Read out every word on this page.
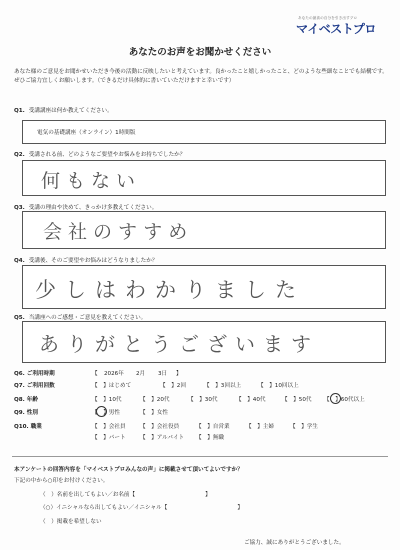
あなたの最高の自分を引き出すプロ
マイベストプロ
あなたのお声をお聞かせください
あなた様のご意見をお聞かせいただき今後の活動に反映したいと考えています。良かったこと嬉しかったこと、どのような些細なことでも結構です。ぜひご協力宜しくお願いします。（できるだけ具体的に書いていただけますと幸いです）
Q1. 受講講座は何か教えてください。
電気の基礎講座（オンライン）1時間版
Q2. 受講される前、どのようなご要望やお悩みをお持ちでしたか？
何もない
Q3. 受講の理由や決めて、きっかけ多教えてください。
会社のすすめ
Q4. 受講後、そのご要望やお悩みはどうなりましたか？
少しはわかりました
Q5. 当講座へのご感想・ご意見を教えてください。
ありがとうございます
Q6. ご利用時期	【 2026年 2月 3日 】
Q7. ご利用回数	【　】はじめて	【　】2回	【　】3回以上	【　】10回以上
Q8. 年齢	【　】10代	【　】20代	【　】30代	【　】40代	【　】50代 【　】60代以上
Q9. 性別	【　】男性	【　】女性
Q10. 職業	【　】会社員	【　】会社役員	【　】自営業	【　】主婦	【　】学生
【　】パート	【　】アルバイト 【　】無職
本アンケートの回答内容を「マイベストプロみんなの声」に掲載させて頂いてよいですか？
下記の中から○印をお付けください。
（　）名前を出してもよい／お名前【	】
（○）イニシャルなら出してもよい／イニシャル【	】
（　）掲載を希望しない
ご協力、誠にありがとうございました。
